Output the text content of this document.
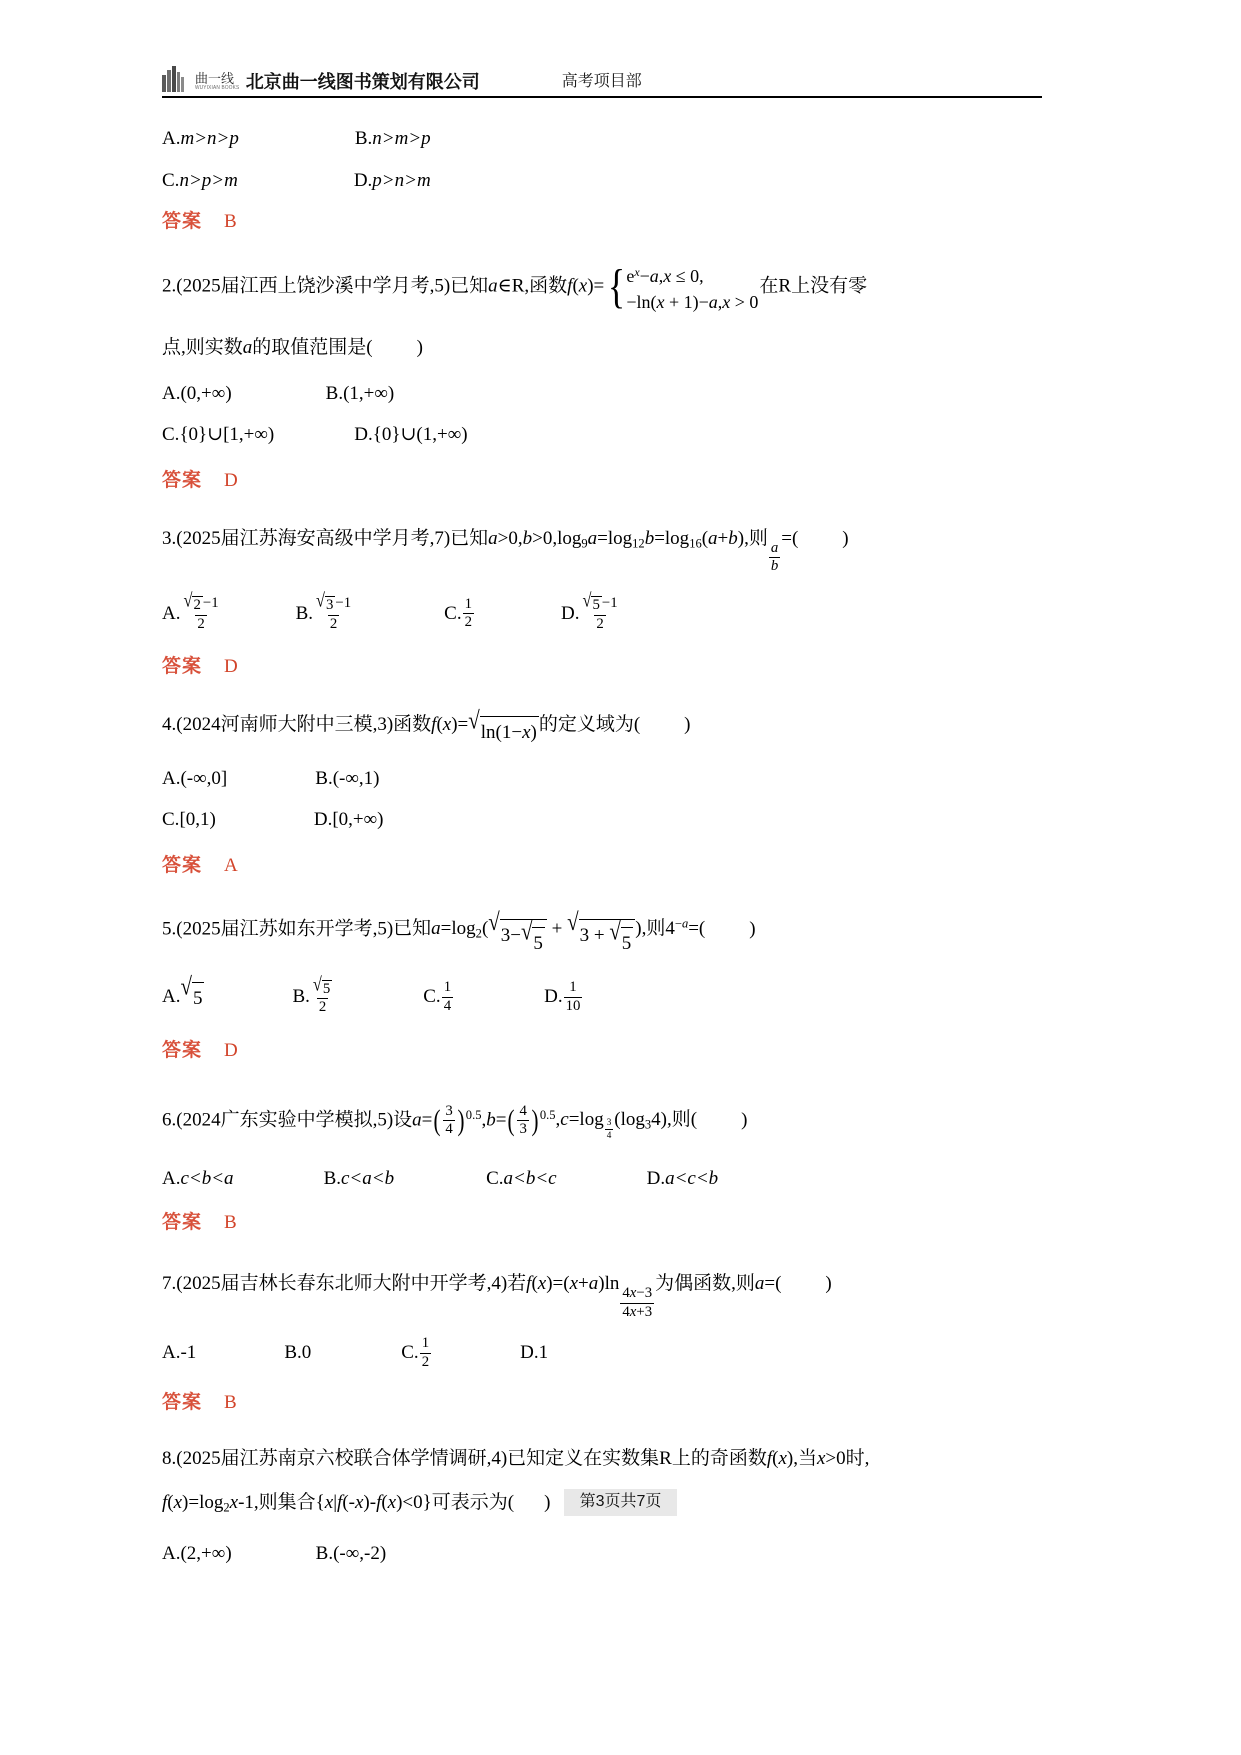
曲一线
WUYIXIAN BOOKS 北京曲一线图书策划有限公司	高考项目部
A. m>n>p	B. n>m>p
C. n>p>m	D. p>n>m
答案 B
2.(2025届江西上饶沙溪中学月考,5)已知a∈R,函数f(x)= { $e^x-a,x \le 0$,
−ln(x + 1)−a,x > 0
在R上没有零
点,则实数a的取值范围是( )
A. (0,+∞)	B. (1,+∞)
C. {0}∪[1,+∞)	D. {0}∪(1,+∞)
答案 D
3.(2025届江苏海安高级中学月考,7)已知$a>0,b>0,\log_9a=\log_{12}b=\log_{16}(a+b)$,则
$\frac{a}{b}$
=( )
A. $\frac{√ 2 -1}{2}$	B. $\frac{√ 3 -1}{2}$	C. $\frac{1}{2}$	D. $\frac{√ 5 -1}{2}$
答案 D
4.(2024河南师大附中三模,3)函数f(x)= √ ln(1−x) 的定义域为( )
A. (-∞,0]	B. (-∞,1)
C. [0,1)	D. [0,+∞)
答案 A
5.(2025届江苏如东开学考,5)已知$a=\log_2$( √ 3− √ 5
+ √ 3 + √ 5
),则$4^{-a}=$( )
A. √ 5	B. $\frac{√ 5}{2}$	C. $\frac{1}{4}$	D. $\frac{1}{10}$
答案 D
6.(2024广东实验中学模拟,5)设a= ( $\frac{3}{4}$ ) $^{0.5}$,b= ( $\frac{4}{3}$ ) $^{0.5},c=\log \frac{3}{4} (\log_34)$,则( )
A. c<b<a	B. c<a<b	C. a<b<c	D. a<c<b
答案 B
7.(2025届吉林长春东北师大附中开学考,4)若f(x)=(x+a)ln
$\frac{4x-3}{4x+3}$
为偶函数,则a=( )
A. -1	B. 0	C. $\frac{1}{2}$	D. 1
答案 B
8.(2025届江苏南京六校联合体学情调研,4)已知定义在实数集R上的奇函数f(x),当x>0时,
$f(x)=\log_2x-1$,则集合{x|f(-x)-f(x)<0}可表示为( )
A. (2,+∞)	B. (-∞,-2)
第3页共7页
